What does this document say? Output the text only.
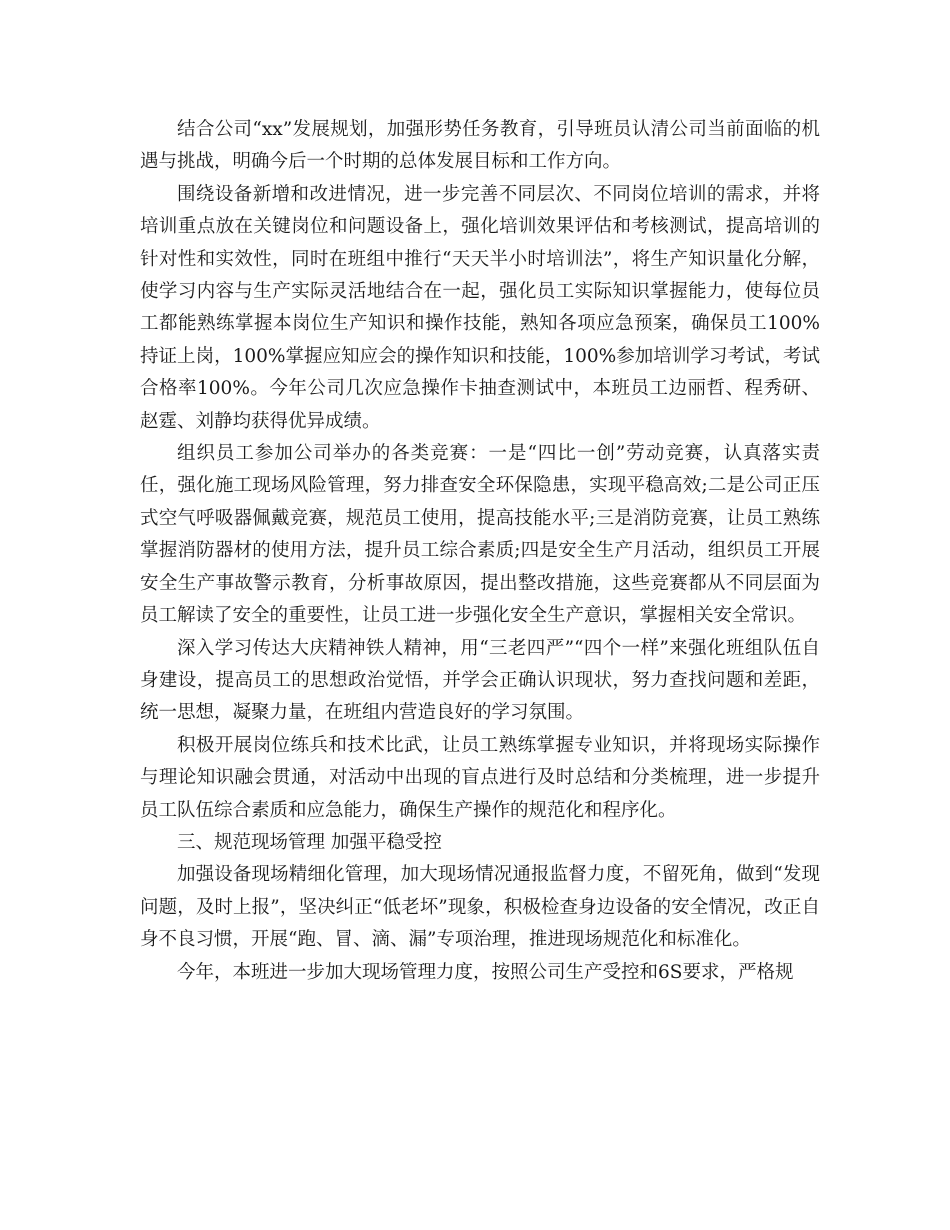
结合公司“xx”发展规划，加强形势任务教育，引导班员认清公司当前面临的机遇与挑战，明确今后一个时期的总体发展目标和工作方向。

围绕设备新增和改进情况，进一步完善不同层次、不同岗位培训的需求，并将培训重点放在关键岗位和问题设备上，强化培训效果评估和考核测试，提高培训的针对性和实效性，同时在班组中推行“天天半小时培训法”，将生产知识量化分解，使学习内容与生产实际灵活地结合在一起，强化员工实际知识掌握能力，使每位员工都能熟练掌握本岗位生产知识和操作技能，熟知各项应急预案，确保员工100%持证上岗，100%掌握应知应会的操作知识和技能，100%参加培训学习考试，考试合格率100%。今年公司几次应急操作卡抽查测试中，本班员工边丽哲、程秀研、赵霆、刘静均获得优异成绩。

组织员工参加公司举办的各类竞赛：一是“四比一创”劳动竞赛，认真落实责任，强化施工现场风险管理，努力排查安全环保隐患，实现平稳高效;二是公司正压式空气呼吸器佩戴竞赛，规范员工使用，提高技能水平;三是消防竞赛，让员工熟练掌握消防器材的使用方法，提升员工综合素质;四是安全生产月活动，组织员工开展安全生产事故警示教育，分析事故原因，提出整改措施，这些竞赛都从不同层面为员工解读了安全的重要性，让员工进一步强化安全生产意识，掌握相关安全常识。

深入学习传达大庆精神铁人精神，用“三老四严”“四个一样”来强化班组队伍自身建设，提高员工的思想政治觉悟，并学会正确认识现状，努力查找问题和差距，统一思想，凝聚力量，在班组内营造良好的学习氛围。

积极开展岗位练兵和技术比武，让员工熟练掌握专业知识，并将现场实际操作与理论知识融会贯通，对活动中出现的盲点进行及时总结和分类梳理，进一步提升员工队伍综合素质和应急能力，确保生产操作的规范化和程序化。

三、规范现场管理 加强平稳受控

加强设备现场精细化管理，加大现场情况通报监督力度，不留死角，做到“发现问题，及时上报”，坚决纠正“低老坏”现象，积极检查身边设备的安全情况，改正自身不良习惯，开展“跑、冒、滴、漏”专项治理，推进现场规范化和标准化。

今年，本班进一步加大现场管理力度，按照公司生产受控和6S要求，严格规
